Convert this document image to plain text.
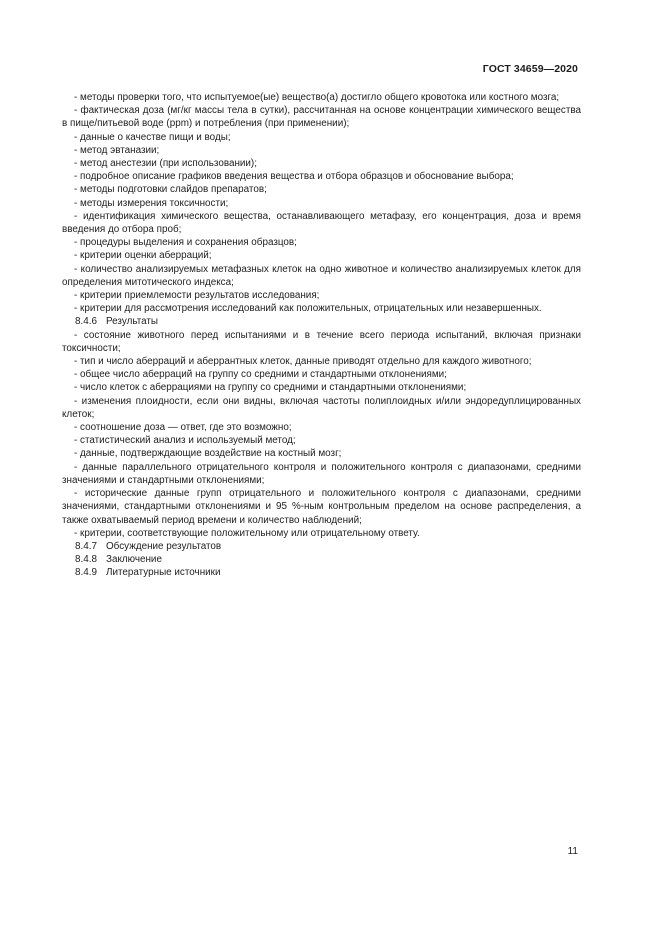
ГОСТ 34659—2020
- методы проверки того, что испытуемое(ые) вещество(а) достигло общего кровотока или костного мозга;
- фактическая доза (мг/кг массы тела в сутки), рассчитанная на основе концентрации химического вещества в пище/питьевой воде (ppm) и потребления (при применении);
- данные о качестве пищи и воды;
- метод эвтаназии;
- метод анестезии (при использовании);
- подробное описание графиков введения вещества и отбора образцов и обоснование выбора;
- методы подготовки слайдов препаратов;
- методы измерения токсичности;
- идентификация химического вещества, останавливающего метафазу, его концентрация, доза и время введения до отбора проб;
- процедуры выделения и сохранения образцов;
- критерии оценки аберраций;
- количество анализируемых метафазных клеток на одно животное и количество анализируемых клеток для определения митотического индекса;
- критерии приемлемости результатов исследования;
- критерии для рассмотрения исследований как положительных, отрицательных или незавершенных.
8.4.6 Результаты
- состояние животного перед испытаниями и в течение всего периода испытаний, включая признаки токсичности;
- тип и число аберраций и аберрантных клеток, данные приводят отдельно для каждого животного;
- общее число аберраций на группу со средними и стандартными отклонениями;
- число клеток с аберрациями на группу со средними и стандартными отклонениями;
- изменения плоидности, если они видны, включая частоты полиплоидных и/или эндоредуплицированных клеток;
- соотношение доза — ответ, где это возможно;
- статистический анализ и используемый метод;
- данные, подтверждающие воздействие на костный мозг;
- данные параллельного отрицательного контроля и положительного контроля с диапазонами, средними значениями и стандартными отклонениями;
- исторические данные групп отрицательного и положительного контроля с диапазонами, средними значениями, стандартными отклонениями и 95 %-ным контрольным пределом на основе распределения, а также охватываемый период времени и количество наблюдений;
- критерии, соответствующие положительному или отрицательному ответу.
8.4.7 Обсуждение результатов
8.4.8 Заключение
8.4.9 Литературные источники
11
